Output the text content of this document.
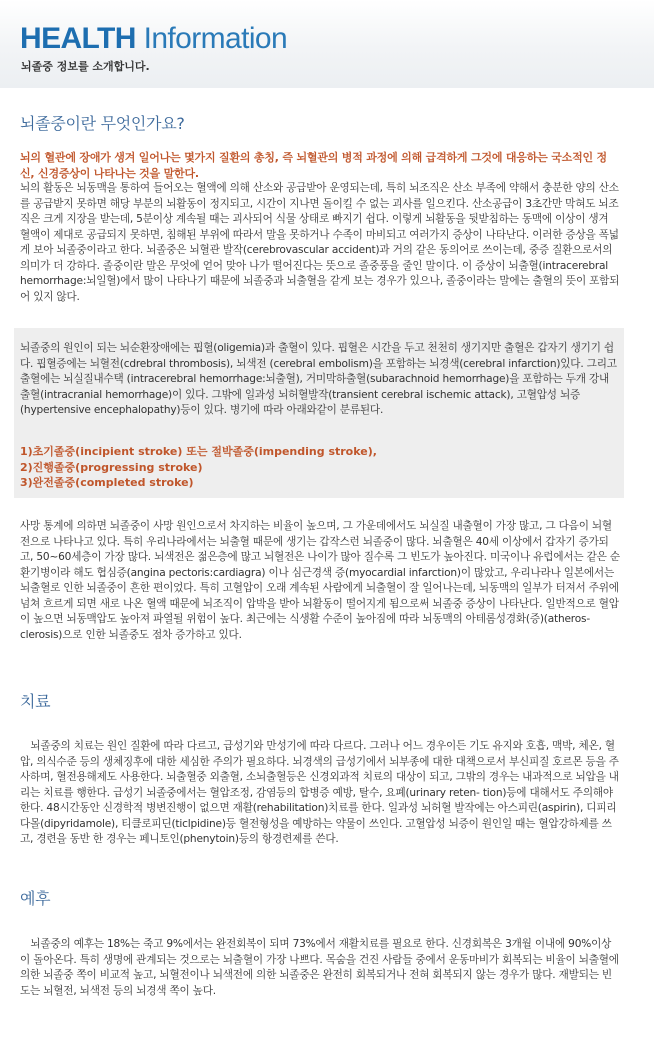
HEALTH Information

뇌졸중 정보를 소개합니다.

뇌졸중이란 무엇인가요?

뇌의 혈관에 장애가 생겨 일어나는 몇가지 질환의 총칭, 즉 뇌혈관의 병적 과정에 의해 급격하게 그것에 대응하는 국소적인 정신, 신경증상이 나타나는 것을 말한다.

뇌의 활동은 뇌동맥을 통하여 들어오는 혈액에 의해 산소와 공급받아 운영되는데, 특히 뇌조직은 산소 부족에 약해서 충분한 양의 산소를 공급받지 못하면 해당 부분의 뇌활동이 정지되고, 시간이 지나면 돌이킬 수 없는 괴사를 일으킨다. 산소공급이 3초간만 막혀도 뇌조직은 크게 지장을 받는데, 5분이상 계속될 때는 괴사되어 식물 상태로 빠지기 쉽다. 이렇게 뇌활동을 뒷받침하는 동맥에 이상이 생겨 혈액이 제대로 공급되지 못하면, 침해된 부위에 따라서 말을 못하거나 수족이 마비되고 여러가지 증상이 나타난다. 이러한 증상을 폭넓게 보아 뇌졸중이라고 한다. 뇌졸중은 뇌혈관 발작(cerebrovascular accident)과 거의 같은 동의어로 쓰이는데, 중증 질환으로서의 의미가 더 강하다. 졸중이란 말은 무엇에 얻어 맞아 나가 떨어진다는 뜻으로 졸중풍을 줄인 말이다. 이 증상이 뇌출혈(intracerebral hemorrhage:뇌일혈)에서 많이 나타나기 때문에 뇌졸중과 뇌출혈을 같게 보는 경우가 있으나, 졸중이라는 말에는 출혈의 뜻이 포함되어 있지 않다.

뇌졸중의 원인이 되는 뇌순환장애에는 핍혈(oligemia)과 출혈이 있다. 핍혈은 시간을 두고 천천히 생기지만 출혈은 갑자기 생기기 쉽다. 핍혈증에는 뇌혈전(cdrebral thrombosis), 뇌색전 (cerebral embolism)을 포함하는 뇌경색(cerebral infarction)있다. 그리고 출혈에는 뇌실질내수택 (intracerebral hemorrhage:뇌출혈), 거미막하출혈(subarachnoid hemorrhage)을 포함하는 두개 강내출혈(intracranial hemorrhage)이 있다. 그밖에 일과성 뇌허혈발작(transient cerebral ischemic attack), 고혈압성 뇌증(hypertensive encephalopathy)등이 있다. 병기에 따라 아래와같이 분류된다.

1)초기졸중(incipient stroke) 또는 절박졸중(impending stroke),
2)진행졸중(progressing stroke)
3)완전졸중(completed stroke)

사망 통계에 의하면 뇌졸중이 사망 원인으로서 차지하는 비율이 높으며, 그 가운데에서도 뇌실질 내출혈이 가장 많고, 그 다음이 뇌혈전으로 나타나고 있다. 특히 우리나라에서는 뇌출혈 때문에 생기는 갑작스런 뇌졸중이 많다. 뇌출혈은 40세 이상에서 갑자기 증가되고, 50~60세층이 가장 많다. 뇌색전은 젊은층에 많고 뇌혈전은 나이가 많아 질수록 그 빈도가 높아진다. 미국이나 유럽에서는 같은 순환기병이라 해도 협심증(angina pectoris:cardiagra) 이나 심근경색 증(myocardial infarction)이 많았고, 우리나라나 일본에서는 뇌출혈로 인한 뇌졸중이 흔한 편이었다. 특히 고혈압이 오래 계속된 사람에게 뇌출혈이 잘 일어나는데, 뇌동맥의 일부가 터져서 주위에 넘쳐 흐르게 되면 새로 나온 혈액 때문에 뇌조직이 압박을 받아 뇌활동이 떨어지게 됨으로써 뇌졸중 증상이 나타난다. 일반적으로 혈압이 높으면 뇌동맥압도 높아져 파열될 위험이 높다. 최근에는 식생활 수준이 높아짐에 따라 뇌동맥의 아테롬성경화(증)(atheros- clerosis)으로 인한 뇌졸중도 점차 증가하고 있다.

치료

　뇌졸중의 치료는 원인 질환에 따라 다르고, 급성기와 만성기에 따라 다르다. 그러나 어느 경우이든 기도 유지와 호흡, 맥박, 체온, 혈압, 의식수준 등의 생체징후에 대한 세심한 주의가 필요하다. 뇌경색의 급성기에서 뇌부종에 대한 대책으로서 부신피질 호르몬 등을 주사하며, 혈전용해제도 사용한다. 뇌출혈중 외출혈, 소뇌출혈등은 신경외과적 치료의 대상이 되고, 그밖의 경우는 내과적으로 뇌압을 내리는 치료를 행한다. 급성기 뇌졸중에서는 혈압조정, 감염등의 합병증 예방, 탈수, 요폐(urinary reten- tion)등에 대해서도 주의해야 한다. 48시간동안 신경학적 병변진행이 없으면 재활(rehabilitation)치료를 한다. 일과성 뇌허혈 발작에는 아스피린(aspirin), 디피리다몰(dipyridamole), 티클로피딘(ticlpidine)등 혈전형성을 예방하는 약물이 쓰인다. 고혈압성 뇌증이 원인일 때는 혈압강하제를 쓰고, 경련을 동반 한 경우는 페니토인(phenytoin)등의 항경련제를 쓴다.

예후

　뇌졸중의 예후는 18%는 죽고 9%에서는 완전회복이 되며 73%에서 재활치료를 필요로 한다. 신경회복은 3개월 이내에 90%이상이 돌아온다. 특히 생명에 관계되는 것으로는 뇌출혈이 가장 나쁘다. 목숨을 건진 사람들 중에서 운동마비가 회복되는 비율이 뇌출혈에 의한 뇌졸중 쪽이 비교적 높고, 뇌혈전이나 뇌색전에 의한 뇌졸중은 완전히 회복되거나 전혀 회복되지 않는 경우가 많다. 재발되는 빈도는 뇌혈전, 뇌색전 등의 뇌경색 쪽이 높다.
